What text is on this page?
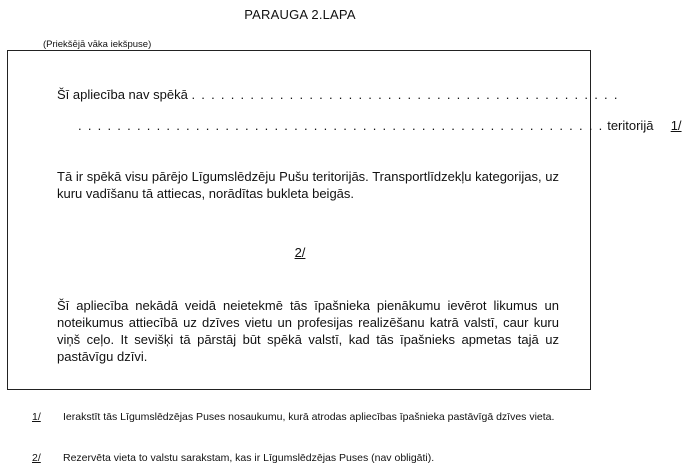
PARAUGA 2.LAPA
(Priekšējā vāka iekšpuse)
Šī apliecība nav spēkā . . . . . . . . . . . . . . . . . . . . . . . . . . . . . . . . . . . . . . . . . . . .
. . . . . . . . . . . . . . . . . . . . . . . . . . . . . . . . . . . . . . . . . . . . . . . . . . . . . . teritorijā 1/

Tā ir spēkā visu pārējo Līgumslēdzēju Pušu teritorijās. Transportlīdzekļu kategorijas, uz kuru vadīšanu tā attiecas, norādītas bukleta beigās.

2/

Šī apliecība nekādā veidā neietekmē tās īpašnieka pienākumu ievērot likumus un noteikumus attiecībā uz dzīves vietu un profesijas realizēšanu katrā valstī, caur kuru viņš ceļo. It sevišķi tā pārstāj būt spēkā valstī, kad tās īpašnieks apmetas tajā uz pastāvīgu dzīvi.

1/ Ierakstīt tās Līgumslēdzējas Puses nosaukumu, kurā atrodas apliecības īpašnieka pastāvīgā dzīves vieta.
2/ Rezervēta vieta to valstu sarakstam, kas ir Līgumslēdzējas Puses (nav obligāti).
